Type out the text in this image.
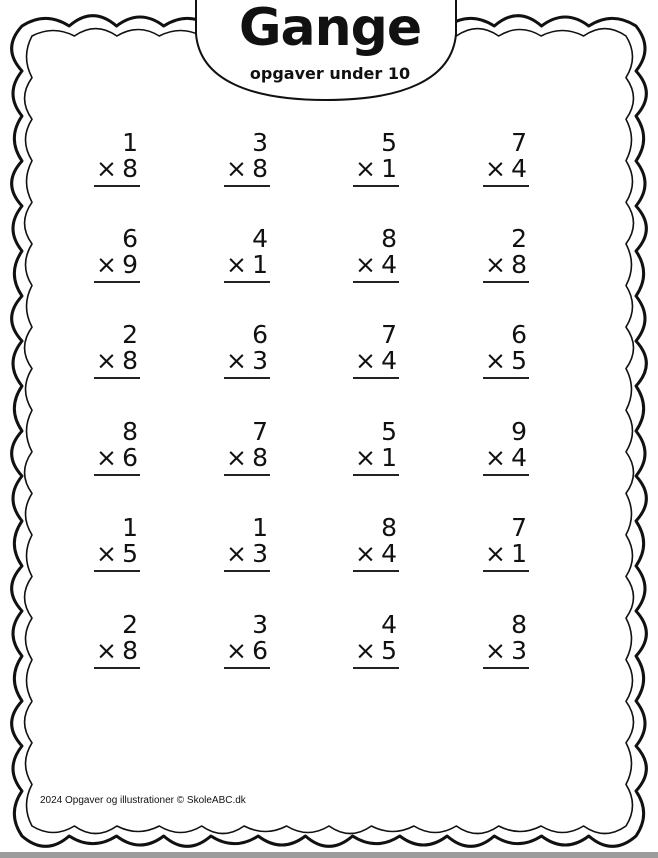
Gange
opgaver under 10
1
× 8
3
× 8
5
× 1
7
× 4
6
× 9
4
× 1
8
× 4
2
× 8
2
× 8
6
× 3
7
× 4
6
× 5
8
× 6
7
× 8
5
× 1
9
× 4
1
× 5
1
× 3
8
× 4
7
× 1
2
× 8
3
× 6
4
× 5
8
× 3
2024 Opgaver og illustrationer © SkoleABC.dk
